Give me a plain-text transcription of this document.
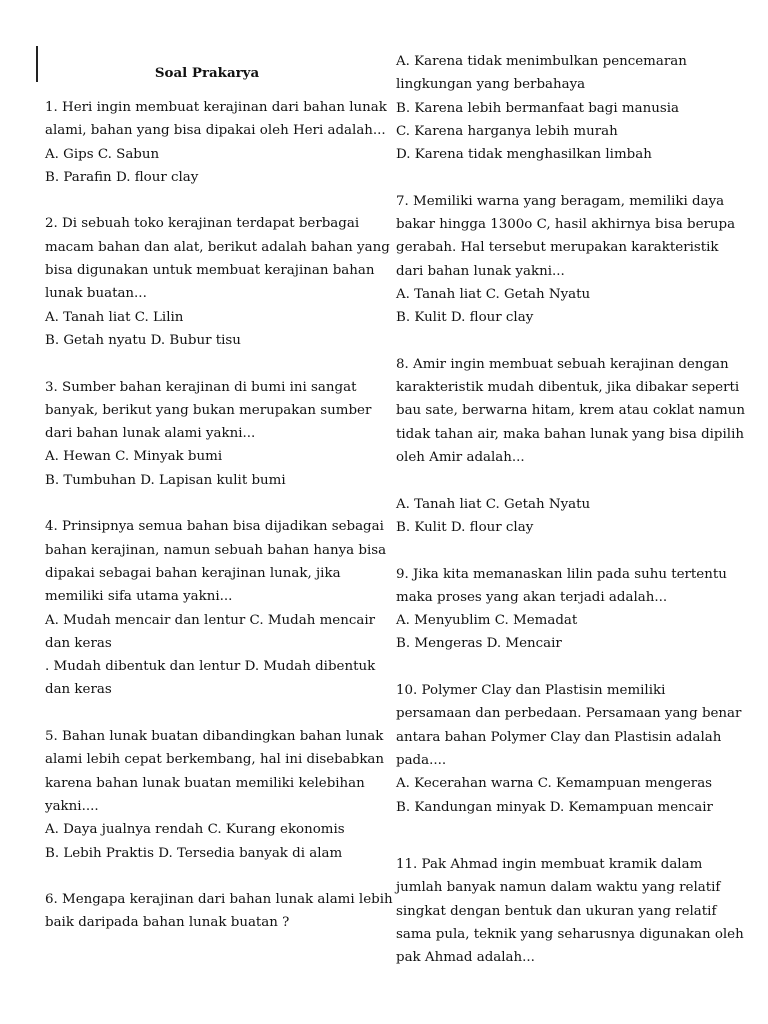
Soal Prakarya
1. Heri ingin membuat kerajinan dari bahan lunak
alami, bahan yang bisa dipakai oleh Heri adalah...
A. Gips C. Sabun
B. Parafin D. flour clay
2. Di sebuah toko kerajinan terdapat berbagai
macam bahan dan alat, berikut adalah bahan yang
bisa digunakan untuk membuat kerajinan bahan
lunak buatan...
A. Tanah liat C. Lilin
B. Getah nyatu D. Bubur tisu
3. Sumber bahan kerajinan di bumi ini sangat
banyak, berikut yang bukan merupakan sumber
dari bahan lunak alami yakni...
A. Hewan C. Minyak bumi
B. Tumbuhan D. Lapisan kulit bumi
4. Prinsipnya semua bahan bisa dijadikan sebagai
bahan kerajinan, namun sebuah bahan hanya bisa
dipakai sebagai bahan kerajinan lunak, jika
memiliki sifa utama yakni...
A. Mudah mencair dan lentur C. Mudah mencair
dan keras
. Mudah dibentuk dan lentur D. Mudah dibentuk
dan keras
5. Bahan lunak buatan dibandingkan bahan lunak
alami lebih cepat berkembang, hal ini disebabkan
karena bahan lunak buatan memiliki kelebihan
yakni....
A. Daya jualnya rendah C. Kurang ekonomis
B. Lebih Praktis D. Tersedia banyak di alam
6. Mengapa kerajinan dari bahan lunak alami lebih
baik daripada bahan lunak buatan ?
A. Karena tidak menimbulkan pencemaran
lingkungan yang berbahaya
B. Karena lebih bermanfaat bagi manusia
C. Karena harganya lebih murah
D. Karena tidak menghasilkan limbah
7. Memiliki warna yang beragam, memiliki daya
bakar hingga 1300o C, hasil akhirnya bisa berupa
gerabah. Hal tersebut merupakan karakteristik
dari bahan lunak yakni...
A. Tanah liat C. Getah Nyatu
B. Kulit D. flour clay
8. Amir ingin membuat sebuah kerajinan dengan
karakteristik mudah dibentuk, jika dibakar seperti
bau sate, berwarna hitam, krem atau coklat namun
tidak tahan air, maka bahan lunak yang bisa dipilih
oleh Amir adalah...
A. Tanah liat C. Getah Nyatu
B. Kulit D. flour clay
9. Jika kita memanaskan lilin pada suhu tertentu
maka proses yang akan terjadi adalah...
A. Menyublim C. Memadat
B. Mengeras D. Mencair
10. Polymer Clay dan Plastisin memiliki
persamaan dan perbedaan. Persamaan yang benar
antara bahan Polymer Clay dan Plastisin adalah
pada....
A. Kecerahan warna C. Kemampuan mengeras
B. Kandungan minyak D. Kemampuan mencair
11. Pak Ahmad ingin membuat kramik dalam
jumlah banyak namun dalam waktu yang relatif
singkat dengan bentuk dan ukuran yang relatif
sama pula, teknik yang seharusnya digunakan oleh
pak Ahmad adalah...
